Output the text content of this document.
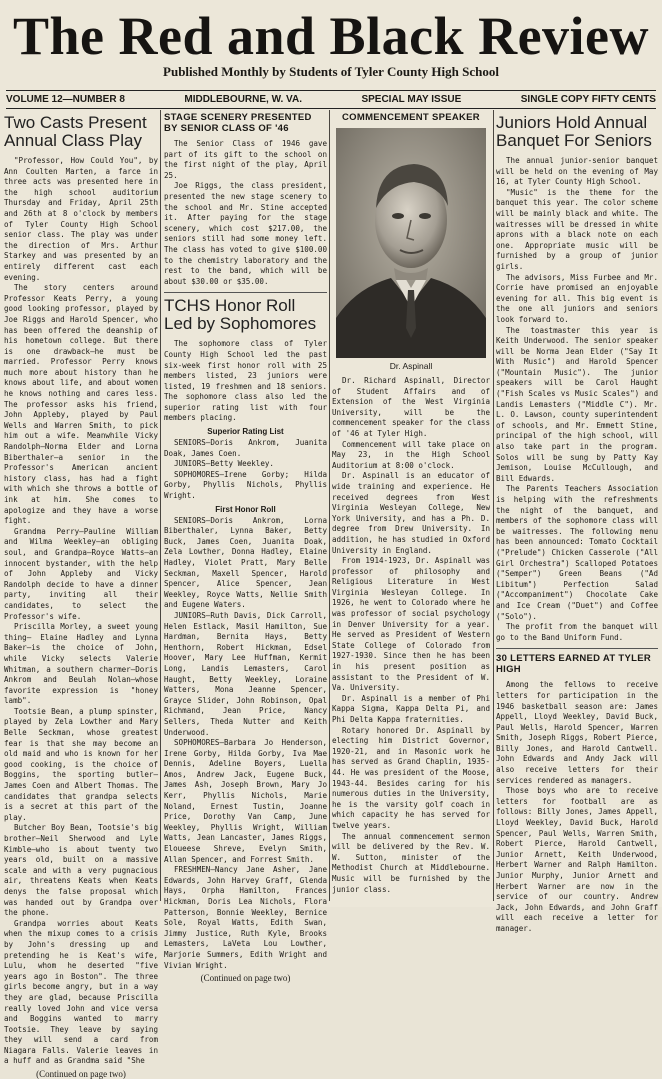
The Red and Black Review
Published Monthly by Students of Tyler County High School
VOLUME 12—NUMBER 8	MIDDLEBOURNE, W. VA.	SPECIAL MAY ISSUE	SINGLE COPY FIFTY CENTS
Two Casts Present Annual Class Play

"Professor, How Could You", by Ann Coulten Marten, a farce in three acts was presented here in the high school auditorium Thursday and Friday, April 25th and 26th at 8 o'clock by members of Tyler County High School senior class. The play was under the direction of Mrs. Arthur Starkey and was presented by an entirely different cast each evening.

The story centers around Professor Keats Perry, a young good looking professor, played by Joe Riggs and Harold Spencer, who has been offered the deanship of his hometown college. But there is one drawback—he must be married. Professor Perry knows much more about history than he knows about life, and about women he knows nothing and cares less. The professor asks his friend, John Appleby, played by Paul Wells and Warren Smith, to pick him out a wife. Meanwhile Vicky Randolph—Norma Elder and Lorna Biberthaler—a senior in the Professor's American ancient history class, has had a fight with which she throws a bottle of ink at him. She comes to apologize and they have a worse fight.

Grandma Perry—Pauline William and Wilma Weekley—an obliging soul, and Grandpa—Royce Watts—an innocent bystander, with the help of John Appleby and Vicky Randolph decide to have a dinner party, inviting all their candidates, to select the Professor's wife.

Priscilla Morley, a sweet young thing— Elaine Hadley and Lynna Baker—is the choice of John, while Vicky selects Valerie Whitman, a southern charmer—Doris Ankrom and Beulah Nolan—whose favorite expression is "honey lamb".

Tootsie Bean, a plump spinster, played by Zela Lowther and Mary Belle Seckman, whose greatest fear is that she may become an old maid and who is known for her good cooking, is the choice of Boggins, the sporting butler—James Coen and Albert Thomas. The candidates that grandpa selects is a secret at this part of the play.

Butcher Boy Bean, Tootsie's big brother—Neil Sherwood and Lyle Kimble—who is about twenty two years old, built on a massive scale and with a very pugnacious air, threatens Keats when Keats denys the false proposal which was handed out by Grandpa over the phone.

Grandpa worries about Keats when the mixup comes to a crisis by John's dressing up and pretending he is Keat's wife, Lulu, whom he deserted "five years ago in Boston". The three girls become angry, but in a way they are glad, because Priscilla really loved John and vice versa and Boggins wanted to marry Tootsie. They leave by saying they will send a card from Niagara Falls. Valerie leaves in a huff and as Grandma said "She

(Continued on page two)
STAGE SCENERY PRESENTED BY SENIOR CLASS OF '46

The Senior Class of 1946 gave part of its gift to the school on the first night of the play, April 25.

Joe Riggs, the class president, presented the new stage scenery to the school and Mr. Stine accepted it. After paying for the stage scenery, which cost $217.00, the seniors still had some money left. The class has voted to give $100.00 to the chemistry laboratory and the rest to the band, which will be about $30.00 or $35.00.

TCHS Honor Roll Led by Sophomores

The sophomore class of Tyler County High School led the past six-week first honor roll with 25 members listed, 23 juniors were listed, 19 freshmen and 18 seniors. The sophomore class also led the superior rating list with four members placing.

Superior Rating List

SENIORS—Doris Ankrom, Juanita Doak, James Coen.

JUNIORS—Betty Weekley.

SOPHOMORES—Irene Gorby; Hilda Gorby, Phyllis Nichols, Phyllis Wright.

First Honor Roll

SENIORS—Doris Ankrom, Lorna Biberthaler, Lynna Baker, Betty Buck, James Coen, Juanita Doak, Zela Lowther, Donna Hadley, Elaine Hadley, Violet Pratt, Mary Belle Seckman, Maxell Spencer, Harold Spencer, Alice Spencer, Jean Weekley, Royce Watts, Nellie Smith and Eugene Waters.

JUNIORS—Ruth Davis, Dick Carroll, Helen Estlack, Masil Hamilton, Sue Hardman, Bernita Hays, Betty Henthorn, Robert Hickman, Edsel Hoover, Mary Lee Huffman, Kermit Long, Landis Lemasters, Carol Haught, Betty Weekley, Loraine Watters, Mona Jeanne Spencer, Grayce Slider, John Robinson, Opal Richmand, Jean Price, Nancy Sellers, Theda Nutter and Keith Underwood.

SOPHOMORES—Barbara Jo Henderson, Irene Gorby, Hilda Gorby, Iva Mae Dennis, Adeline Boyers, Luella Amos, Andrew Jack, Eugene Buck, James Ash, Joseph Brown, Mary Jo Kerr, Phyllis Nichols, Marie Noland, Ernest Tustin, Joanne Price, Dorothy Van Camp, June Weekley, Phyllis Wright, William Watts, Jean Lancaster, James Riggs, Eloueese Shreve, Evelyn Smith, Allan Spencer, and Forrest Smith.

FRESHMEN—Nancy Jane Asher, Jane Edwards, John Harvey Graff, Glenda Hays, Orpha Hamilton, Frances Hickman, Doris Lea Nichols, Flora Patterson, Bonnie Weekley, Bernice Sole, Royal Watts, Edith Swan, Jimmy Justice, Ruth Kyle, Brooks Lemasters, LaVeta Lou Lowther, Marjorie Summers, Edith Wright and Vivian Wright.

(Continued on page two)
COMMENCEMENT SPEAKER
Dr. Aspinall

Dr. Richard Aspinall, Director of Student Affairs and of Extension of the West Virginia University, will be the commencement speaker for the class of '46 at Tyler High.

Commencement will take place on May 23, in the High School Auditorium at 8:00 o'clock.

Dr. Aspinall is an educator of wide training and experience. He received degrees from West Virginia Wesleyan College, New York University, and has a Ph. D. degree from Drew University. In addition, he has studied in Oxford University in England.

From 1914-1923, Dr. Aspinall was professor of philosophy and Religious Literature in West Virginia Wesleyan College. In 1926, he went to Colorado where he was professor of social psychology in Denver University for a year. He served as President of Western State College of Colorado from 1927-1930. Since then he has been in his present position as assistant to the President of W. Va. University.

Dr. Aspinall is a member of Phi Kappa Sigma, Kappa Delta Pi, and Phi Delta Kappa fraternities.

Rotary honored Dr. Aspinall by electing him District Governor, 1920-21, and in Masonic work he has served as Grand Chaplin, 1935-44. He was president of the Moose, 1943-44. Besides caring for his numerous duties in the University, he is the varsity golf coach in which capacity he has served for twelve years.

The annual commencement sermon will be delivered by the Rev. W. W. Sutton, minister of the Methodist Church at Middlebourne. Music will be furnished by the junior class.

Juniors Hold Annual Banquet For Seniors

The annual junior-senior banquet will be held on the evening of May 16, at Tyler County High School.

"Music" is the theme for the banquet this year. The color scheme will be mainly black and white. The waitresses will be dressed in white aprons with a black note on each one. Appropriate music will be furnished by a group of junior girls.

The advisors, Miss Furbee and Mr. Corrie have promised an enjoyable evening for all. This big event is the one all juniors and seniors look forward to.

The toastmaster this year is Keith Underwood. The senior speaker will be Norma Jean Elder ("Say It With Music") and Harold Spencer ("Mountain Music"). The junior speakers will be Carol Haught ("Fish Scales vs Music Scales") and Landis Lemasters ("Middle C"). Mr. L. O. Lawson, county superintendent of schools, and Mr. Emmett Stine, principal of the high school, will also take part in the program. Solos will be sung by Patty Kay Jemison, Louise McCullough, and Bill Edwards.

The Parents Teachers Association is helping with the refreshments the night of the banquet, and members of the sophomore class will be waitresses. The following menu has been announced: Tomato Cocktail ("Prelude") Chicken Casserole ("All Girl Orchestra") Scalloped Potatoes ("Semper") Green Beans ("Ad Libitum") Perfection Salad ("Accompaniment") Chocolate Cake and Ice Cream ("Duet") and Coffee ("Solo").

The profit from the banquet will go to the Band Uniform Fund.

30 LETTERS EARNED AT TYLER HIGH

Among the fellows to receive letters for participation in the 1946 basketball season are: James Appell, Lloyd Weekley, David Buck, Paul Wells, Harold Spencer, Warren Smith, Joseph Riggs, Robert Pierce, Billy Jones, and Harold Cantwell. John Edwards and Andy Jack will also receive letters for their services rendered as managers.

Those boys who are to receive letters for football are as follows: Billy Jones, James Appell, Lloyd Weekley, David Buck, Harold Spencer, Paul Wells, Warren Smith, Robert Pierce, Harold Cantwell, Junior Arnett, Keith Underwood, Herbert Warner and Ralph Hamilton. Junior Murphy, Junior Arnett and Herbert Warner are now in the service of our country. Andrew Jack, John Edwards, and John Graff will each receive a letter for manager.
